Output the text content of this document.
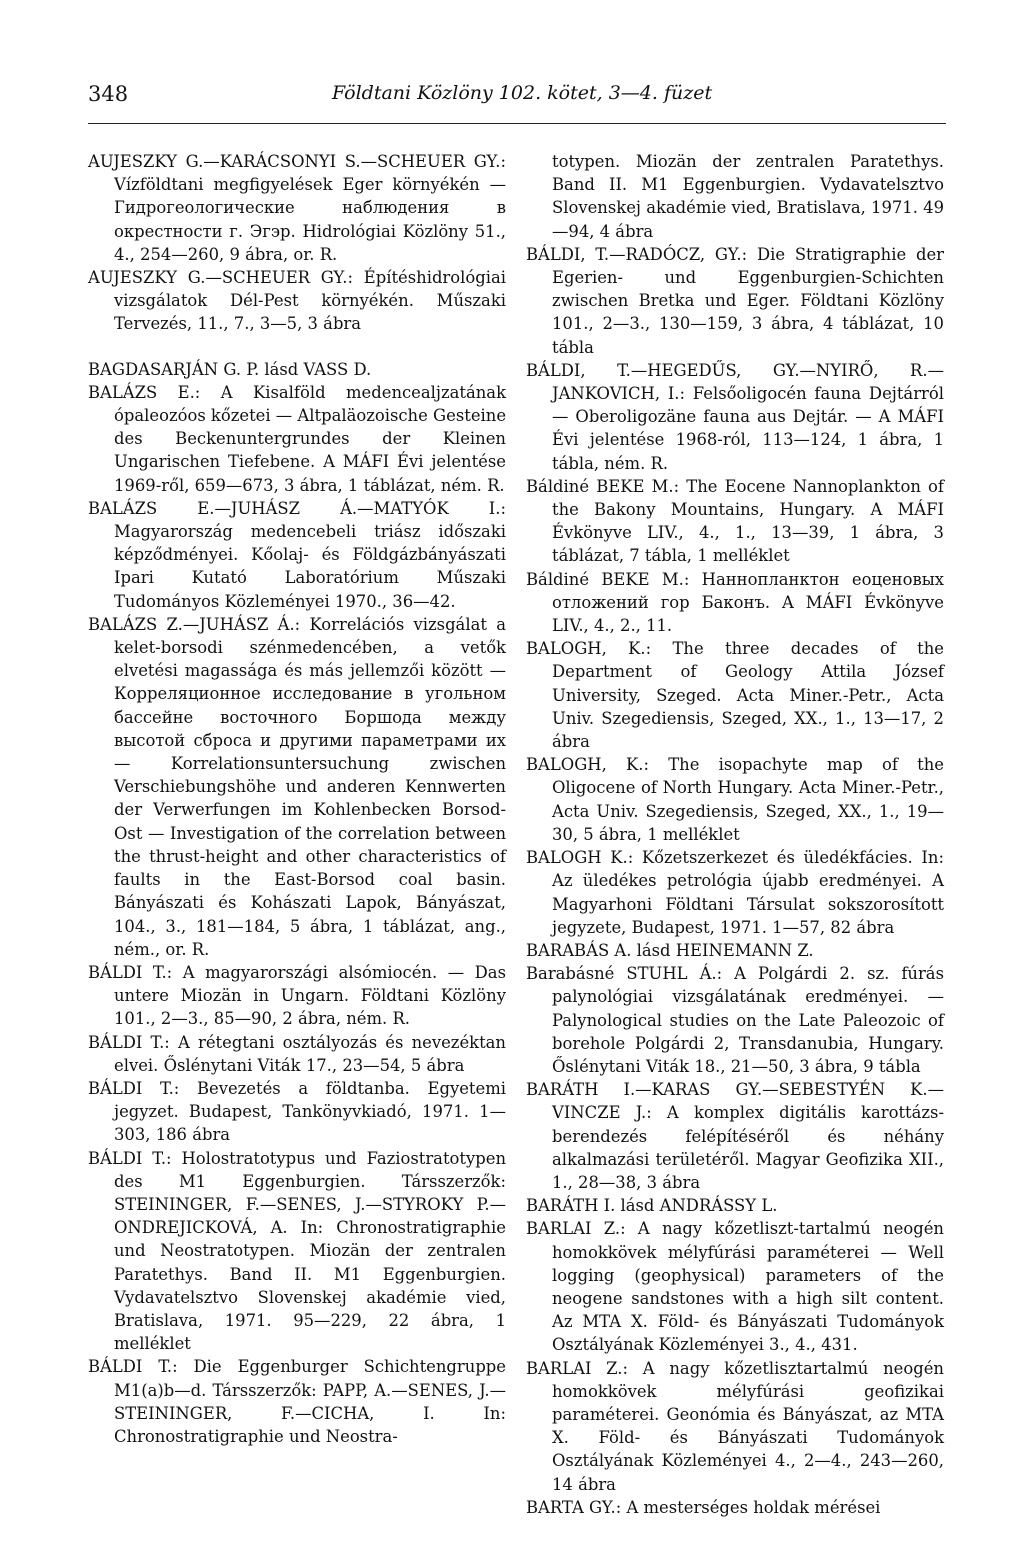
348	Földtani Közlöny 102. kötet, 3—4. füzet

AUJESZKY G.—KARÁCSONYI S.—SCHEUER GY.: Vízföldtani megfigyelések Eger környékén — Гидрогеологические наблюдения в окрестности г. Эгэр. Hidrológiai Közlöny 51., 4., 254—260, 9 ábra, or. R.

AUJESZKY G.—SCHEUER GY.: Építéshidrológiai vizsgálatok Dél-Pest környékén. Műszaki Tervezés, 11., 7., 3—5, 3 ábra

BAGDASARJÁN G. P. lásd VASS D.

BALÁZS E.: A Kisalföld medencealjzatának ópaleozóos kőzetei — Altpaläozoische Gesteine des Beckenuntergrundes der Kleinen Ungarischen Tiefebene. A MÁFI Évi jelentése 1969-ről, 659—673, 3 ábra, 1 táblázat, ném. R.

BALÁZS E.—JUHÁSZ Á.—MATYÓK I.: Magyarország medencebeli triász időszaki képződményei. Kőolaj- és Földgázbányászati Ipari Kutató Laboratórium Műszaki Tudományos Közleményei 1970., 36—42.

BALÁZS Z.—JUHÁSZ Á.: Korrelációs vizsgálat a kelet-borsodi szénmedencében, a vetők elvetési magassága és más jellemzői között — Корреляционное исследование в угольном бассейне восточного Боршода между высотой сброса и другими параметрами их — Korrelationsuntersuchung zwischen Verschiebungshöhe und anderen Kennwerten der Verwerfungen im Kohlenbecken Borsod-Ost — Investigation of the correlation between the thrust-height and other characteristics of faults in the East-Borsod coal basin. Bányászati és Kohászati Lapok, Bányászat, 104., 3., 181—184, 5 ábra, 1 táblázat, ang., ném., or. R.

BÁLDI T.: A magyarországi alsómiocén. — Das untere Miozän in Ungarn. Földtani Közlöny 101., 2—3., 85—90, 2 ábra, ném. R.

BÁLDI T.: A rétegtani osztályozás és nevezéktan elvei. Őslénytani Viták 17., 23—54, 5 ábra

BÁLDI T.: Bevezetés a földtanba. Egyetemi jegyzet. Budapest, Tankönyvkiadó, 1971. 1—303, 186 ábra

BÁLDI T.: Holostratotypus und Faziostratotypen des M1 Eggenburgien. Társszerzők: STEININGER, F.—SENES, J.—STYROKY P.—ONDREJICKOVÁ, A. In: Chronostratigraphie und Neostratotypen. Miozän der zentralen Paratethys. Band II. M1 Eggenburgien. Vydavatelsztvo Slovenskej akadémie vied, Bratislava, 1971. 95—229, 22 ábra, 1 melléklet

BÁLDI T.: Die Eggenburger Schichtengruppe M1(a)b—d. Társszerzők: PAPP, A.—SENES, J.—STEININGER, F.—CICHA, I. In: Chronostratigraphie und Neostra-

totypen. Miozän der zentralen Paratethys. Band II. M1 Eggenburgien. Vydavatelsztvo Slovenskej akadémie vied, Bratislava, 1971. 49—94, 4 ábra

BÁLDI, T.—RADÓCZ, GY.: Die Stratigraphie der Egerien- und Eggenburgien-Schichten zwischen Bretka und Eger. Földtani Közlöny 101., 2—3., 130—159, 3 ábra, 4 táblázat, 10 tábla

BÁLDI, T.—HEGEDŰS, GY.—NYIRŐ, R.—JANKOVICH, I.: Felsőoligocén fauna Dejtárról — Oberoligozäne fauna aus Dejtár. — A MÁFI Évi jelentése 1968-ról, 113—124, 1 ábra, 1 tábla, ném. R.

Báldiné BEKE M.: The Eocene Nannoplankton of the Bakony Mountains, Hungary. A MÁFI Évkönyve LIV., 4., 1., 13—39, 1 ábra, 3 táblázat, 7 tábla, 1 melléklet

Báldiné BEKE M.: Наннопланктон еоценовых отложений гор Баконъ. A MÁFI Évkönyve LIV., 4., 2., 11.

BALOGH, K.: The three decades of the Department of Geology Attila József University, Szeged. Acta Miner.-Petr., Acta Univ. Szegediensis, Szeged, XX., 1., 13—17, 2 ábra

BALOGH, K.: The isopachyte map of the Oligocene of North Hungary. Acta Miner.-Petr., Acta Univ. Szegediensis, Szeged, XX., 1., 19—30, 5 ábra, 1 melléklet

BALOGH K.: Kőzetszerkezet és üledékfácies. In: Az üledékes petrológia újabb eredményei. A Magyarhoni Földtani Társulat sokszorosított jegyzete, Budapest, 1971. 1—57, 82 ábra

BARABÁS A. lásd HEINEMANN Z.

Barabásné STUHL Á.: A Polgárdi 2. sz. fúrás palynológiai vizsgálatának eredményei. — Palynological studies on the Late Paleozoic of borehole Polgárdi 2, Transdanubia, Hungary. Őslénytani Viták 18., 21—50, 3 ábra, 9 tábla

BARÁTH I.—KARAS GY.—SEBESTYÉN K.—VINCZE J.: A komplex digitális karottázs-berendezés felépítéséről és néhány alkalmazási területéről. Magyar Geofizika XII., 1., 28—38, 3 ábra

BARÁTH I. lásd ANDRÁSSY L.

BARLAI Z.: A nagy kőzetliszt-tartalmú neogén homokkövek mélyfúrási paraméterei — Well logging (geophysical) parameters of the neogene sandstones with a high silt content. Az MTA X. Föld- és Bányászati Tudományok Osztályának Közleményei 3., 4., 431.

BARLAI Z.: A nagy kőzetlisztartalmú neogén homokkövek mélyfúrási geofizikai paraméterei. Geonómia és Bányászat, az MTA X. Föld- és Bányászati Tudományok Osztályának Közleményei 4., 2—4., 243—260, 14 ábra

BARTA GY.: A mesterséges holdak mérései
